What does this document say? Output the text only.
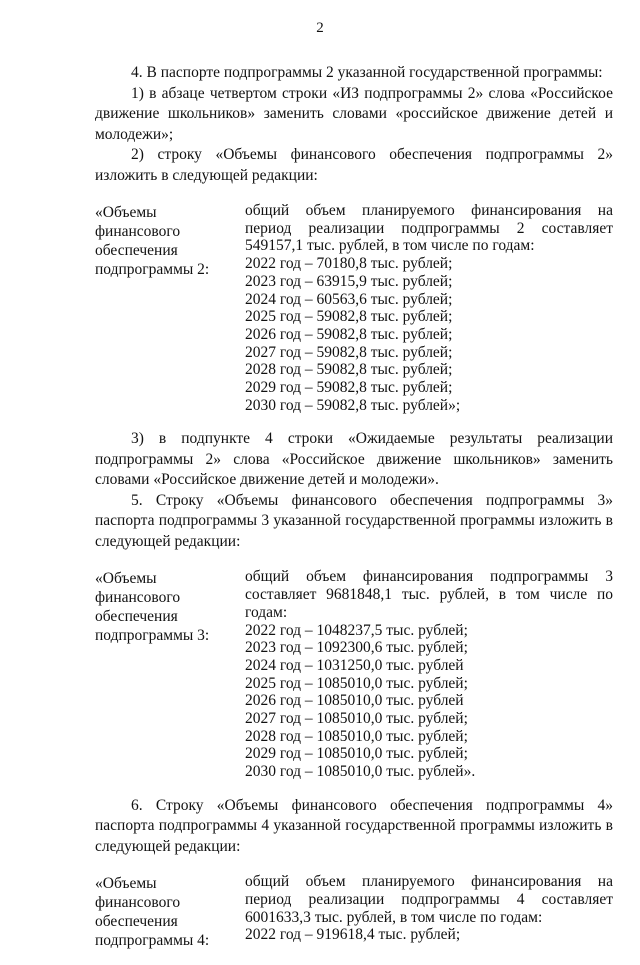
2

4. В паспорте подпрограммы 2 указанной государственной программы:

1) в абзаце четвертом строки «ИЗ подпрограммы 2» слова «Российское движение школьников» заменить словами «российское движение детей и молодежи»;

2) строку «Объемы финансового обеспечения подпрограммы 2» изложить в следующей редакции:

«Объемы

финансового

обеспечения

подпрограммы 2:

общий объем планируемого финансирования на период реализации подпрограммы 2 составляет 549157,1 тыс. рублей, в том числе по годам:

2022 год – 70180,8 тыс. рублей;

2023 год – 63915,9 тыс. рублей;

2024 год – 60563,6 тыс. рублей;

2025 год – 59082,8 тыс. рублей;

2026 год – 59082,8 тыс. рублей;

2027 год – 59082,8 тыс. рублей;

2028 год – 59082,8 тыс. рублей;

2029 год – 59082,8 тыс. рублей;

2030 год – 59082,8 тыс. рублей»;

3) в подпункте 4 строки «Ожидаемые результаты реализации подпрограммы 2» слова «Российское движение школьников» заменить словами «Российское движение детей и молодежи».

5. Строку «Объемы финансового обеспечения подпрограммы 3» паспорта подпрограммы 3 указанной государственной программы изложить в следующей редакции:

«Объемы

финансового

обеспечения

подпрограммы 3:

общий объем финансирования подпрограммы 3 составляет 9681848,1 тыс. рублей, в том числе по годам:

2022 год – 1048237,5 тыс. рублей;

2023 год – 1092300,6 тыс. рублей;

2024 год – 1031250,0 тыс. рублей

2025 год – 1085010,0 тыс. рублей;

2026 год – 1085010,0 тыс. рублей

2027 год – 1085010,0 тыс. рублей;

2028 год – 1085010,0 тыс. рублей;

2029 год – 1085010,0 тыс. рублей;

2030 год – 1085010,0 тыс. рублей».

6. Строку «Объемы финансового обеспечения подпрограммы 4» паспорта подпрограммы 4 указанной государственной программы изложить в следующей редакции:

«Объемы

финансового

обеспечения

подпрограммы 4:

общий объем планируемого финансирования на период реализации подпрограммы 4 составляет 6001633,3 тыс. рублей, в том числе по годам:

2022 год – 919618,4 тыс. рублей;
